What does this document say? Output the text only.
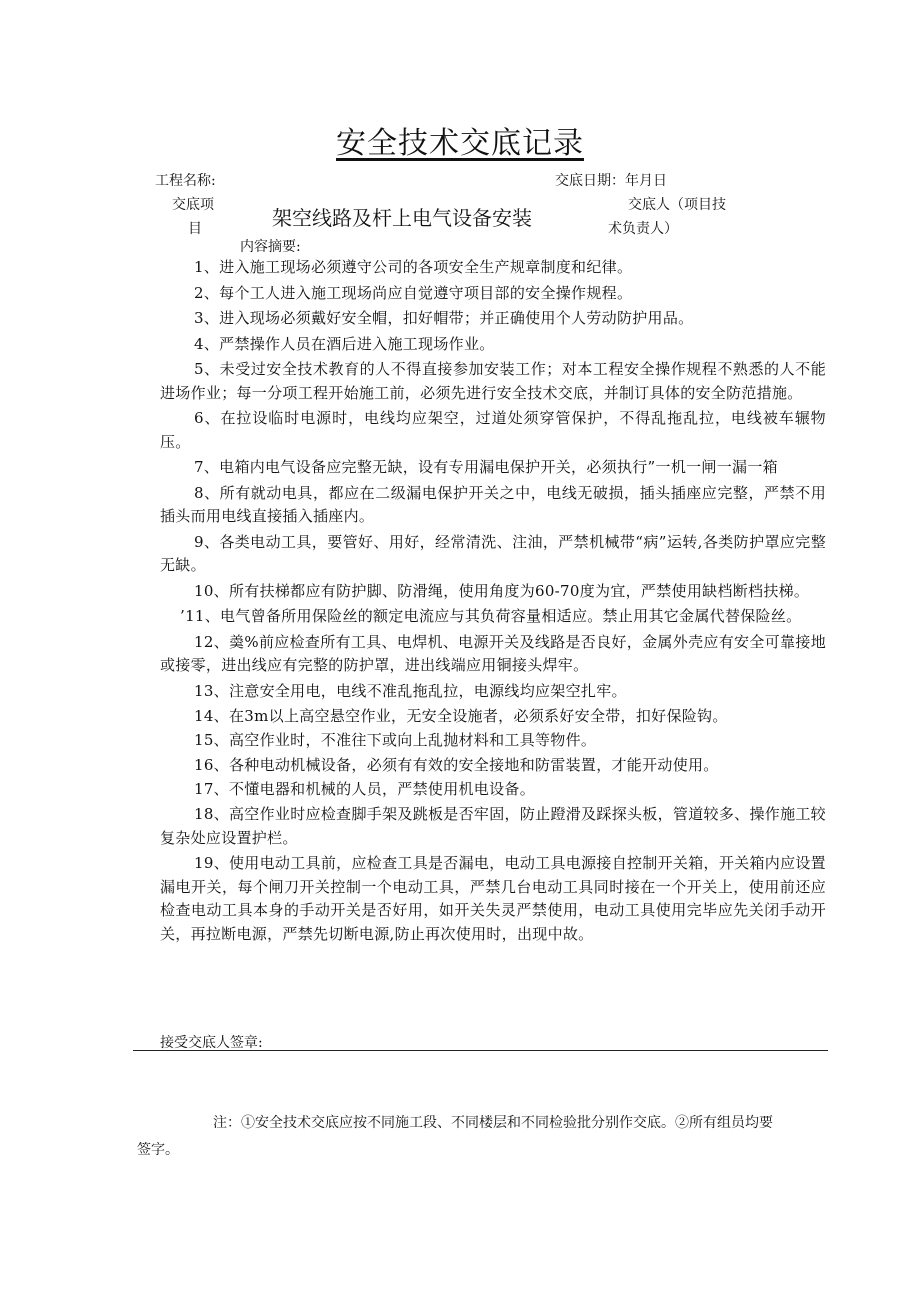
安全技术交底记录
工程名称:	交底日期：年月日
交底项
目	架空线路及杆上电气设备安装
交底人（项目技
术负责人）
内容摘要:

1、进入施工现场必须遵守公司的各项安全生产规章制度和纪律。

2、每个工人进入施工现场尚应自觉遵守项目部的安全操作规程。

3、进入现场必须戴好安全帽，扣好帽带；并正确使用个人劳动防护用品。

4、严禁操作人员在酒后进入施工现场作业。

5、未受过安全技术教育的人不得直接参加安装工作；对本工程安全操作规程不熟悉的人不能进场作业；每一分项工程开始施工前，必须先进行安全技术交底，并制订具体的安全防范措施。

6、在拉设临时电源时，电线均应架空，过道处须穿管保护，不得乱拖乱拉，电线被车辗物压。

7、电箱内电气设备应完整无缺，设有专用漏电保护开关，必须执行”一机一闸一漏一箱

8、所有就动电具，都应在二级漏电保护开关之中，电线无破损，插头插座应完整，严禁不用插头而用电线直接插入插座内。

9、各类电动工具，要管好、用好，经常清洗、注油，严禁机械带“病”运转,各类防护罩应完整无缺。

10、所有扶梯都应有防护脚、防滑绳，使用角度为60-70度为宜，严禁使用缺档断档扶梯。

’11、电气曾备所用保险丝的额定电流应与其负荷容量相适应。禁止用其它金属代替保险丝。

12、羮%前应检查所有工具、电焊机、电源开关及线路是否良好，金属外壳应有安全可靠接地或接零，进出线应有完整的防护罩，进出线端应用铜接头焊牢。

13、注意安全用电，电线不准乱拖乱拉，电源线均应架空扎牢。

14、在3m以上高空悬空作业，无安全设施者，必须系好安全带，扣好保险钩。

15、高空作业时，不准往下或向上乱抛材料和工具等物件。

16、各种电动机械设备，必须有有效的安全接地和防雷装置，才能开动使用。

17、不懂电器和机械的人员，严禁使用机电设备。

18、高空作业时应检查脚手架及跳板是否牢固，防止蹬滑及踩探头板，管道较多、操作施工较复杂处应设置护栏。

19、使用电动工具前，应检查工具是否漏电，电动工具电源接自控制开关箱，开关箱内应设置漏电开关，每个闸刀开关控制一个电动工具，严禁几台电动工具同时接在一个开关上，使用前还应检查电动工具本身的手动开关是否好用，如开关失灵严禁使用，电动工具使用完毕应先关闭手动开关，再拉断电源，严禁先切断电源,防止再次使用时，出现中故。

接受交底人签章:
注：①安全技术交底应按不同施工段、不同楼层和不同检验批分别作交底。②所有组员均要签字。
